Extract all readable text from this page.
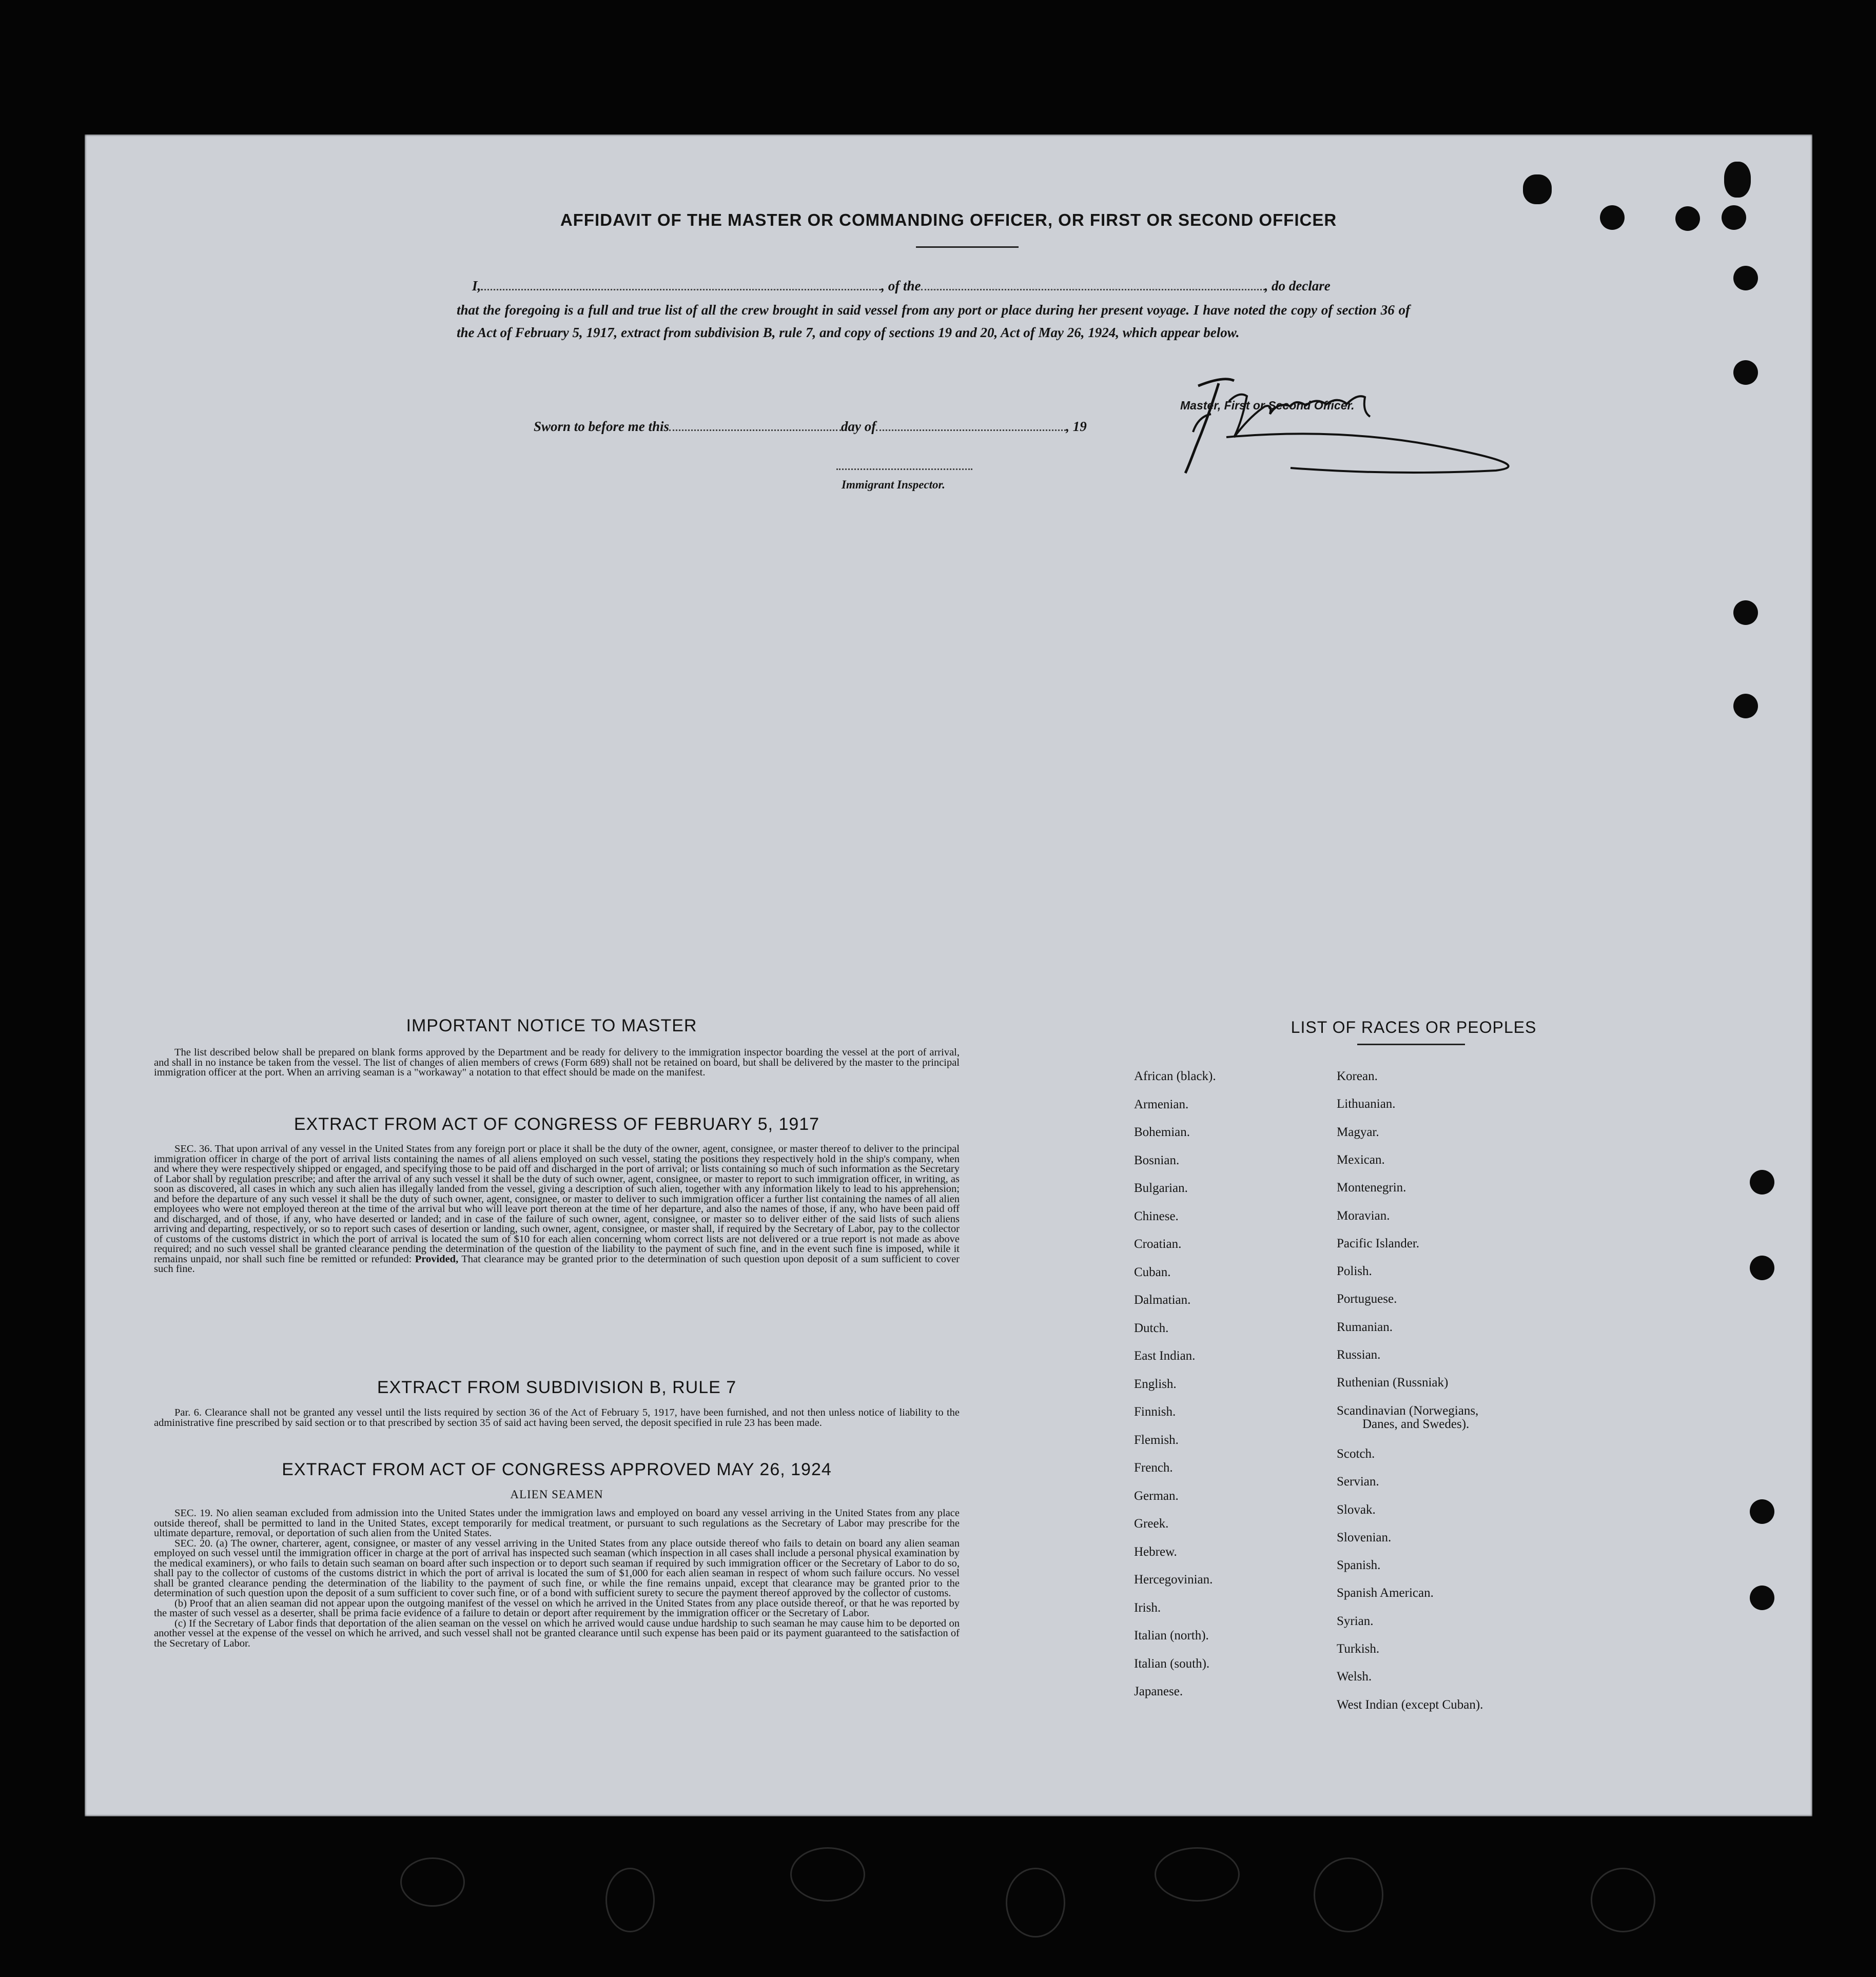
AFFIDAVIT OF THE MASTER OR COMMANDING OFFICER, OR FIRST OR SECOND OFFICER
I,	, of the	, do declare
that the foregoing is a full and true list of all the crew brought in said vessel from any port or place during her present voyage. I have noted the copy of section 36 of the Act of February 5, 1917, extract from subdivision B, rule 7, and copy of sections 19 and 20, Act of May 26, 1924, which appear below.
Sworn to before me this	day of	, 19
Master, First or Second Officer.
Immigrant Inspector.
IMPORTANT NOTICE TO MASTER
The list described below shall be prepared on blank forms approved by the Department and be ready for delivery to the immigration inspector boarding the vessel at the port of arrival, and shall in no instance be taken from the vessel. The list of changes of alien members of crews (Form 689) shall not be retained on board, but shall be delivered by the master to the principal immigration officer at the port. When an arriving seaman is a "workaway" a notation to that effect should be made on the manifest.
EXTRACT FROM ACT OF CONGRESS OF FEBRUARY 5, 1917
SEC. 36. That upon arrival of any vessel in the United States from any foreign port or place it shall be the duty of the owner, agent, consignee, or master thereof to deliver to the principal immigration officer in charge of the port of arrival lists containing the names of all aliens employed on such vessel, stating the positions they respectively hold in the ship's company, when and where they were respectively shipped or engaged, and specifying those to be paid off and discharged in the port of arrival; or lists containing so much of such information as the Secretary of Labor shall by regulation prescribe; and after the arrival of any such vessel it shall be the duty of such owner, agent, consignee, or master to report to such immigration officer, in writing, as soon as discovered, all cases in which any such alien has illegally landed from the vessel, giving a description of such alien, together with any information likely to lead to his apprehension; and before the departure of any such vessel it shall be the duty of such owner, agent, consignee, or master to deliver to such immigration officer a further list containing the names of all alien employees who were not employed thereon at the time of the arrival but who will leave port thereon at the time of her departure, and also the names of those, if any, who have been paid off and discharged, and of those, if any, who have deserted or landed; and in case of the failure of such owner, agent, consignee, or master so to deliver either of the said lists of such aliens arriving and departing, respectively, or so to report such cases of desertion or landing, such owner, agent, consignee, or master shall, if required by the Secretary of Labor, pay to the collector of customs of the customs district in which the port of arrival is located the sum of $10 for each alien concerning whom correct lists are not delivered or a true report is not made as above required; and no such vessel shall be granted clearance pending the determination of the question of the liability to the payment of such fine, and in the event such fine is imposed, while it remains unpaid, nor shall such fine be remitted or refunded: Provided, That clearance may be granted prior to the determination of such question upon deposit of a sum sufficient to cover such fine.
EXTRACT FROM SUBDIVISION B, RULE 7
Par. 6. Clearance shall not be granted any vessel until the lists required by section 36 of the Act of February 5, 1917, have been furnished, and not then unless notice of liability to the administrative fine prescribed by said section or to that prescribed by section 35 of said act having been served, the deposit specified in rule 23 has been made.
EXTRACT FROM ACT OF CONGRESS APPROVED MAY 26, 1924
ALIEN SEAMEN
SEC. 19. No alien seaman excluded from admission into the United States under the immigration laws and employed on board any vessel arriving in the United States from any place outside thereof, shall be permitted to land in the United States, except temporarily for medical treatment, or pursuant to such regulations as the Secretary of Labor may prescribe for the ultimate departure, removal, or deportation of such alien from the United States.
SEC. 20. (a) The owner, charterer, agent, consignee, or master of any vessel arriving in the United States from any place outside thereof who fails to detain on board any alien seaman employed on such vessel until the immigration officer in charge at the port of arrival has inspected such seaman (which inspection in all cases shall include a personal physical examination by the medical examiners), or who fails to detain such seaman on board after such inspection or to deport such seaman if required by such immigration officer or the Secretary of Labor to do so, shall pay to the collector of customs of the customs district in which the port of arrival is located the sum of $1,000 for each alien seaman in respect of whom such failure occurs. No vessel shall be granted clearance pending the determination of the liability to the payment of such fine, or while the fine remains unpaid, except that clearance may be granted prior to the determination of such question upon the deposit of a sum sufficient to cover such fine, or of a bond with sufficient surety to secure the payment thereof approved by the collector of customs.
(b) Proof that an alien seaman did not appear upon the outgoing manifest of the vessel on which he arrived in the United States from any place outside thereof, or that he was reported by the master of such vessel as a deserter, shall be prima facie evidence of a failure to detain or deport after requirement by the immigration officer or the Secretary of Labor.
(c) If the Secretary of Labor finds that deportation of the alien seaman on the vessel on which he arrived would cause undue hardship to such seaman he may cause him to be deported on another vessel at the expense of the vessel on which he arrived, and such vessel shall not be granted clearance until such expense has been paid or its payment guaranteed to the satisfaction of the Secretary of Labor.
LIST OF RACES OR PEOPLES
African (black).
Armenian.
Bohemian.
Bosnian.
Bulgarian.
Chinese.
Croatian.
Cuban.
Dalmatian.
Dutch.
East Indian.
English.
Finnish.
Flemish.
French.
German.
Greek.
Hebrew.
Hercegovinian.
Irish.
Italian (north).
Italian (south).
Japanese.
Korean.
Lithuanian.
Magyar.
Mexican.
Montenegrin.
Moravian.
Pacific Islander.
Polish.
Portuguese.
Rumanian.
Russian.
Ruthenian (Russniak)
Scandinavian (Norwegians,
Danes, and Swedes).
Scotch.
Servian.
Slovak.
Slovenian.
Spanish.
Spanish American.
Syrian.
Turkish.
Welsh.
West Indian (except Cuban).
